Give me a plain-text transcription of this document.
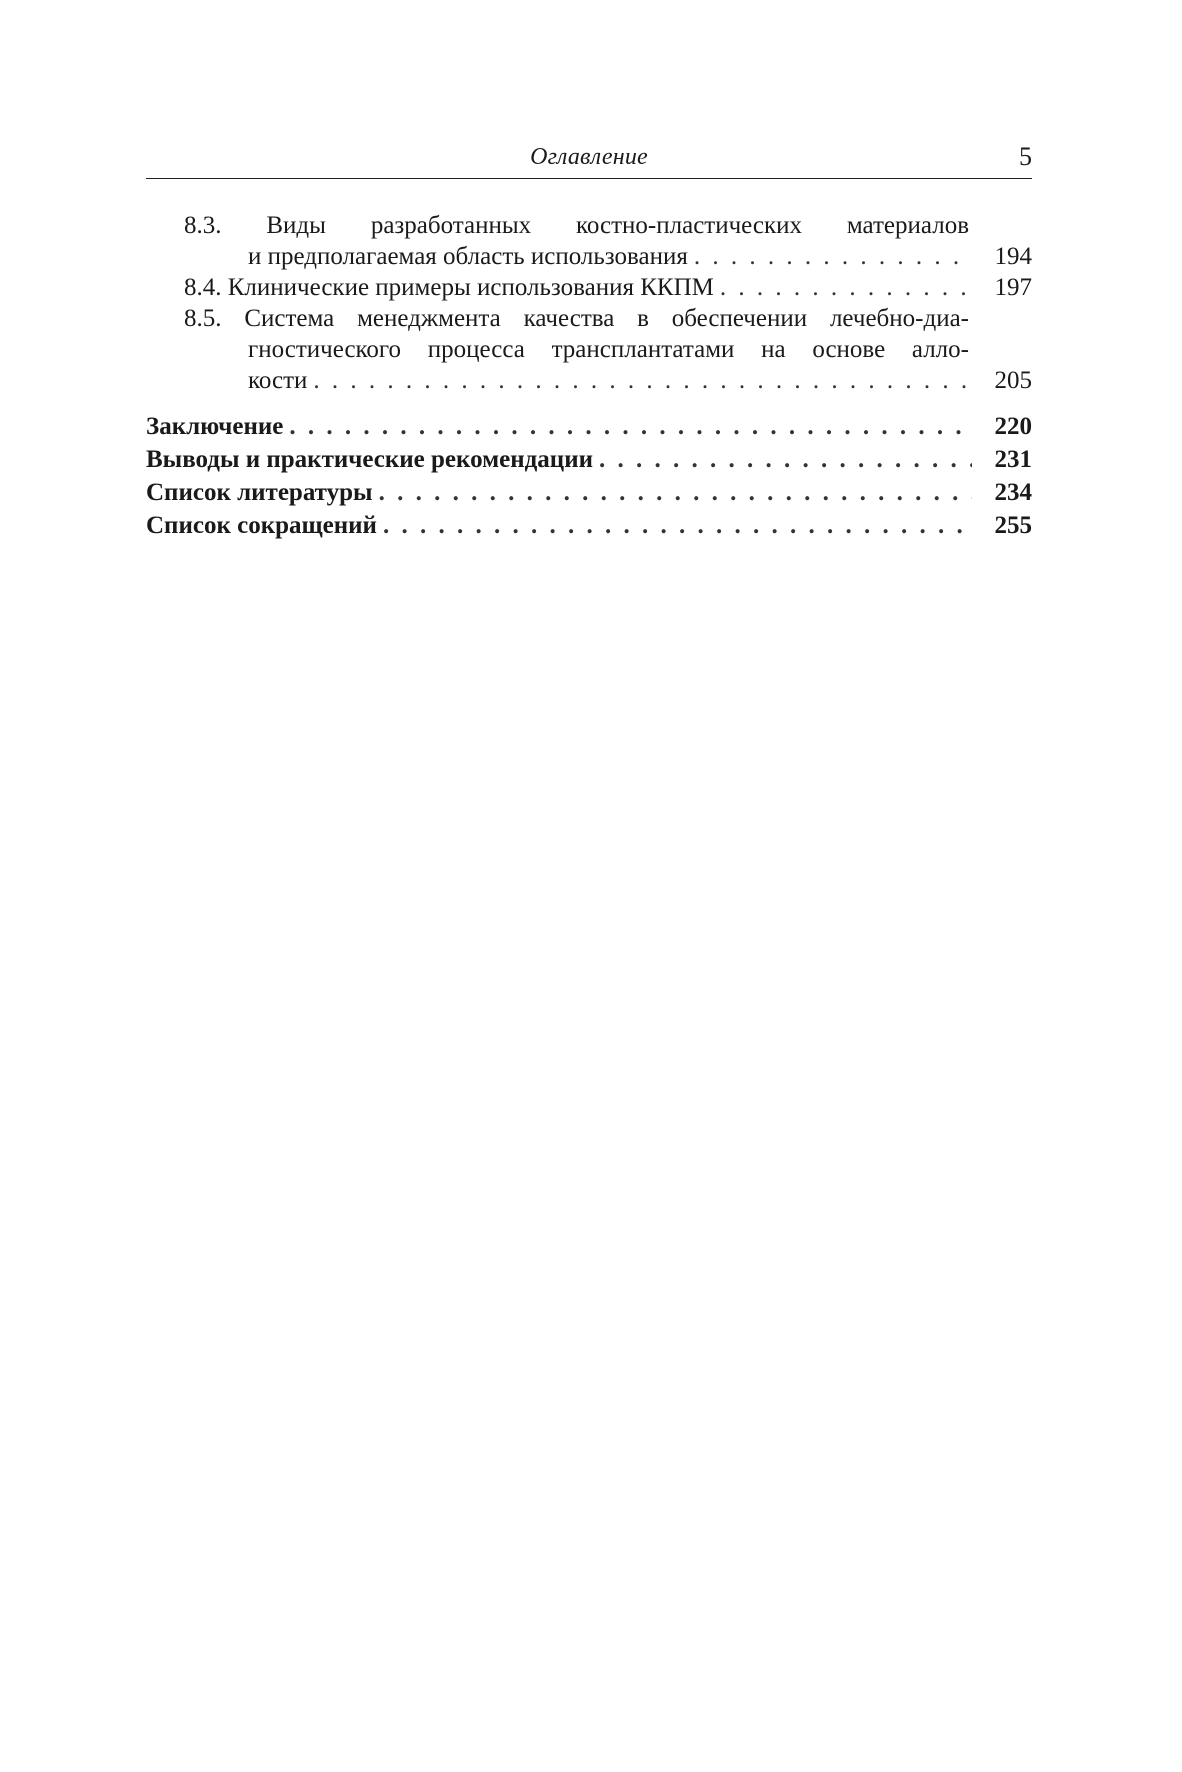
Оглавление	5
8.3. Виды разработанных костно-пластических материалов
и предполагаемая область использования . . .	194
8.4. Клинические примеры использования ККПМ . . .	197
8.5. Система менеджмента качества в обеспечении лечебно-диа-
гностического процесса трансплантатами на основе алло-
кости . . .	205
Заключение . . .	220
Выводы и практические рекомендации . . .	231
Список литературы . . .	234
Список сокращений . . .	255
